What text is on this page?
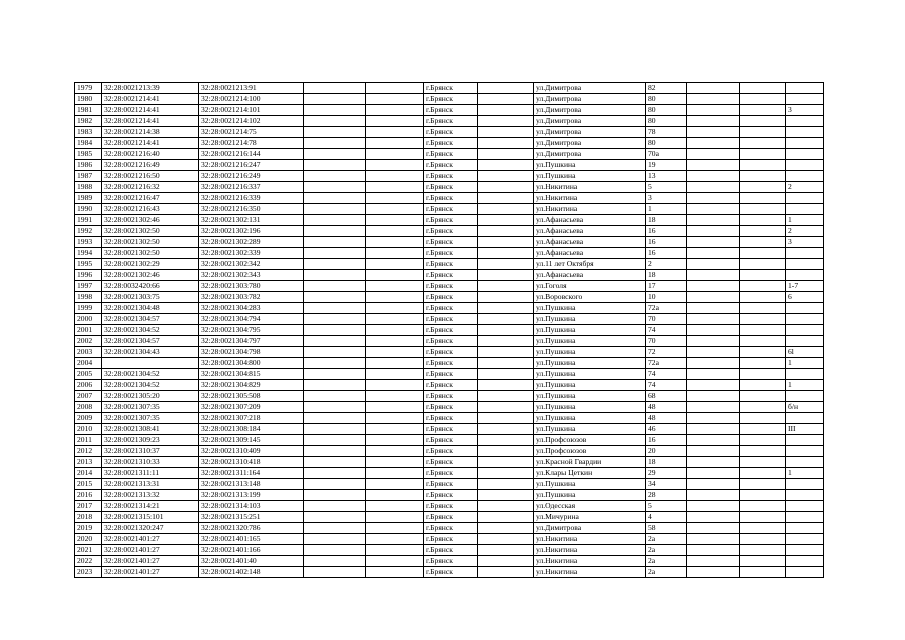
1979	32:28:0021213:39	32:28:0021213:91			г.Брянск		ул.Димитрова	82			
1980	32:28:0021214:41	32:28:0021214:100			г.Брянск		ул.Димитрова	80			
1981	32:28:0021214:41	32:28:0021214:101			г.Брянск		ул.Димитрова	80			3
1982	32:28:0021214:41	32:28:0021214:102			г.Брянск		ул.Димитрова	80			
1983	32:28:0021214:38	32:28:0021214:75			г.Брянск		ул.Димитрова	78			
1984	32:28:0021214:41	32:28:0021214:78			г.Брянск		ул.Димитрова	80			
1985	32:28:0021216:40	32:28:0021216:144			г.Брянск		ул.Димитрова	70а			
1986	32:28:0021216:49	32:28:0021216:247			г.Брянск		ул.Пушкина	19			
1987	32:28:0021216:50	32:28:0021216:249			г.Брянск		ул.Пушкина	13			
1988	32:28:0021216:32	32:28:0021216:337			г.Брянск		ул.Никитина	5			2
1989	32:28:0021216:47	32:28:0021216:339			г.Брянск		ул.Никитина	3			
1990	32:28:0021216:43	32:28:0021216:350			г.Брянск		ул.Никитина	1			
1991	32:28:0021302:46	32:28:0021302:131			г.Брянск		ул.Афанасьева	18			1
1992	32:28:0021302:50	32:28:0021302:196			г.Брянск		ул.Афанасьева	16			2
1993	32:28:0021302:50	32:28:0021302:289			г.Брянск		ул.Афанасьева	16			3
1994	32:28:0021302:50	32:28:0021302:339			г.Брянск		ул.Афанасьева	16			
1995	32:28:0021302:29	32:28:0021302:342			г.Брянск		ул.11 лет Октября	2			
1996	32:28:0021302:46	32:28:0021302:343			г.Брянск		ул.Афанасьева	18			
1997	32:28:0032420:66	32:28:0021303:780			г.Брянск		ул.Гоголя	17			1-7
1998	32:28:0021303:75	32:28:0021303:782			г.Брянск		ул.Воровского	10			6
1999	32:28:0021304:48	32:28:0021304:283			г.Брянск		ул.Пушкина	72а			
2000	32:28:0021304:57	32:28:0021304:794			г.Брянск		ул.Пушкина	70			
2001	32:28:0021304:52	32:28:0021304:795			г.Брянск		ул.Пушкина	74			
2002	32:28:0021304:57	32:28:0021304:797			г.Брянск		ул.Пушкина	70			
2003	32:28:0021304:43	32:28:0021304:798			г.Брянск		ул.Пушкина	72			6l
2004		32:28:0021304:800			г.Брянск		ул.Пушкина	72а			1
2005	32:28:0021304:52	32:28:0021304:815			г.Брянск		ул.Пушкина	74			
2006	32:28:0021304:52	32:28:0021304:829			г.Брянск		ул.Пушкина	74			1
2007	32:28:0021305:20	32:28:0021305:508			г.Брянск		ул.Пушкина	68			
2008	32:28:0021307:35	32:28:0021307:209			г.Брянск		ул.Пушкина	48			б/н
2009	32:28:0021307:35	32:28:0021307:218			г.Брянск		ул.Пушкина	48			
2010	32:28:0021308:41	32:28:0021308:184			г.Брянск		ул.Пушкина	46			III
2011	32:28:0021309:23	32:28:0021309:145			г.Брянск		ул.Профсоюзов	16			
2012	32:28:0021310:37	32:28:0021310:409			г.Брянск		ул.Профсоюзов	20			
2013	32:28:0021310:33	32:28:0021310:418			г.Брянск		ул.Красной Гвардии	18			
2014	32:28:0021311:11	32:28:0021311:164			г.Брянск		ул.Клары Цеткин	29			1
2015	32:28:0021313:31	32:28:0021313:148			г.Брянск		ул.Пушкина	34			
2016	32:28:0021313:32	32:28:0021313:199			г.Брянск		ул.Пушкина	28			
2017	32:28:0021314:21	32:28:0021314:103			г.Брянск		ул.Одесская	5			
2018	32:28:0021315:101	32:28:0021315:251			г.Брянск		ул.Мичурина	4			
2019	32:28:0021320:247	32:28:0021320:786			г.Брянск		ул.Димитрова	58			
2020	32:28:0021401:27	32:28:0021401:165			г.Брянск		ул.Никитина	2а			
2021	32:28:0021401:27	32:28:0021401:166			г.Брянск		ул.Никитина	2а			
2022	32:28:0021401:27	32:28:0021401:40			г.Брянск		ул.Никитина	2а			
2023	32:28:0021401:27	32:28:0021402:148			г.Брянск		ул.Никитина	2а			
